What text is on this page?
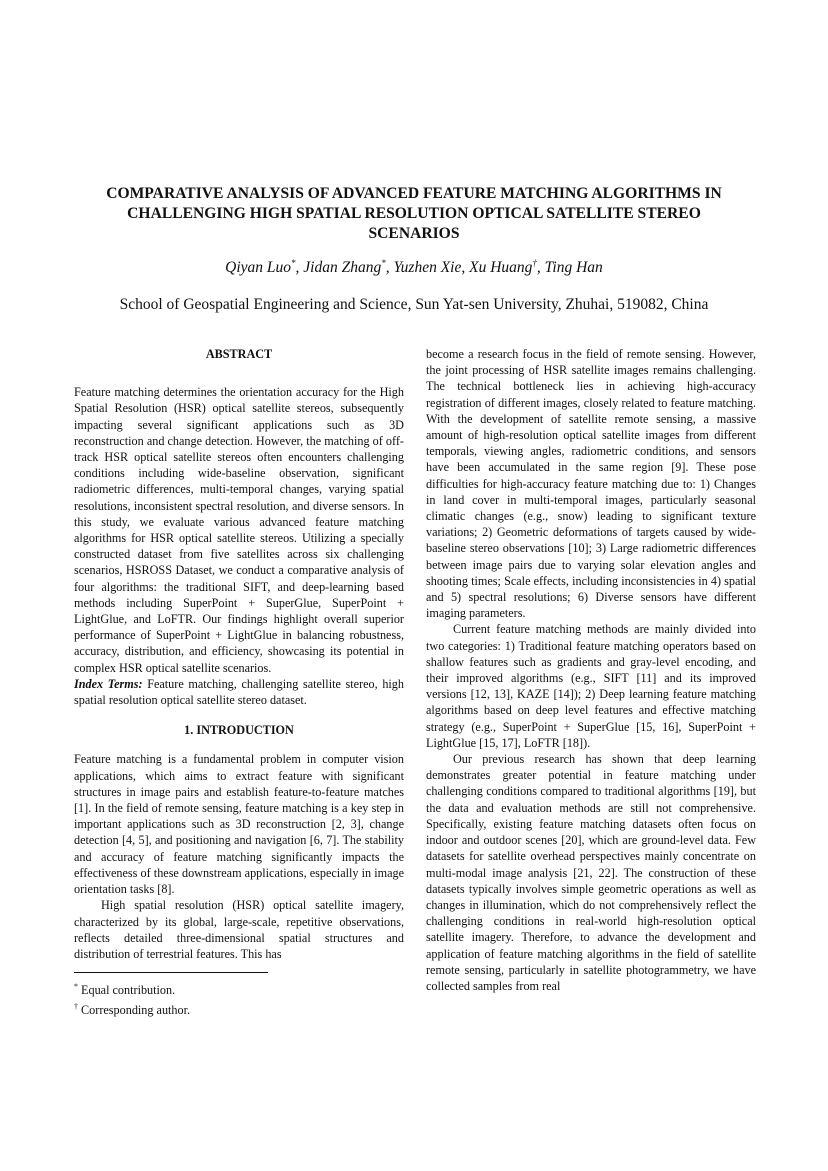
COMPARATIVE ANALYSIS OF ADVANCED FEATURE MATCHING ALGORITHMS IN
CHALLENGING HIGH SPATIAL RESOLUTION OPTICAL SATELLITE STEREO
SCENARIOS
Qiyan Luo*, Jidan Zhang*, Yuzhen Xie, Xu Huang†, Ting Han
School of Geospatial Engineering and Science, Sun Yat-sen University, Zhuhai, 519082, China

ABSTRACT

Feature matching determines the orientation accuracy for the High Spatial Resolution (HSR) optical satellite stereos, subsequently impacting several significant applications such as 3D reconstruction and change detection. However, the matching of off-track HSR optical satellite stereos often encounters challenging conditions including wide-baseline observation, significant radiometric differences, multi-temporal changes, varying spatial resolutions, inconsistent spectral resolution, and diverse sensors. In this study, we evaluate various advanced feature matching algorithms for HSR optical satellite stereos. Utilizing a specially constructed dataset from five satellites across six challenging scenarios, HSROSS Dataset, we conduct a comparative analysis of four algorithms: the traditional SIFT, and deep-learning based methods including SuperPoint + SuperGlue, SuperPoint + LightGlue, and LoFTR. Our findings highlight overall superior performance of SuperPoint + LightGlue in balancing robustness, accuracy, distribution, and efficiency, showcasing its potential in complex HSR optical satellite scenarios.

Index Terms: Feature matching, challenging satellite stereo, high spatial resolution optical satellite stereo dataset.

1. INTRODUCTION

Feature matching is a fundamental problem in computer vision applications, which aims to extract feature with significant structures in image pairs and establish feature-to-feature matches [1]. In the field of remote sensing, feature matching is a key step in important applications such as 3D reconstruction [2, 3], change detection [4, 5], and positioning and navigation [6, 7]. The stability and accuracy of feature matching significantly impacts the effectiveness of these downstream applications, especially in image orientation tasks [8].

High spatial resolution (HSR) optical satellite imagery, characterized by its global, large-scale, repetitive observations, reflects detailed three-dimensional spatial structures and distribution of terrestrial features. This has

* Equal contribution.

† Corresponding author.

become a research focus in the field of remote sensing. However, the joint processing of HSR satellite images remains challenging. The technical bottleneck lies in achieving high-accuracy registration of different images, closely related to feature matching. With the development of satellite remote sensing, a massive amount of high-resolution optical satellite images from different temporals, viewing angles, radiometric conditions, and sensors have been accumulated in the same region [9]. These pose difficulties for high-accuracy feature matching due to: 1) Changes in land cover in multi-temporal images, particularly seasonal climatic changes (e.g., snow) leading to significant texture variations; 2) Geometric deformations of targets caused by wide-baseline stereo observations [10]; 3) Large radiometric differences between image pairs due to varying solar elevation angles and shooting times; Scale effects, including inconsistencies in 4) spatial and 5) spectral resolutions; 6) Diverse sensors have different imaging parameters.

Current feature matching methods are mainly divided into two categories: 1) Traditional feature matching operators based on shallow features such as gradients and gray-level encoding, and their improved algorithms (e.g., SIFT [11] and its improved versions [12, 13], KAZE [14]); 2) Deep learning feature matching algorithms based on deep level features and effective matching strategy (e.g., SuperPoint + SuperGlue [15, 16], SuperPoint + LightGlue [15, 17], LoFTR [18]).

Our previous research has shown that deep learning demonstrates greater potential in feature matching under challenging conditions compared to traditional algorithms [19], but the data and evaluation methods are still not comprehensive. Specifically, existing feature matching datasets often focus on indoor and outdoor scenes [20], which are ground-level data. Few datasets for satellite overhead perspectives mainly concentrate on multi-modal image analysis [21, 22]. The construction of these datasets typically involves simple geometric operations as well as changes in illumination, which do not comprehensively reflect the challenging conditions in real-world high-resolution optical satellite imagery. Therefore, to advance the development and application of feature matching algorithms in the field of satellite remote sensing, particularly in satellite photogrammetry, we have collected samples from real
